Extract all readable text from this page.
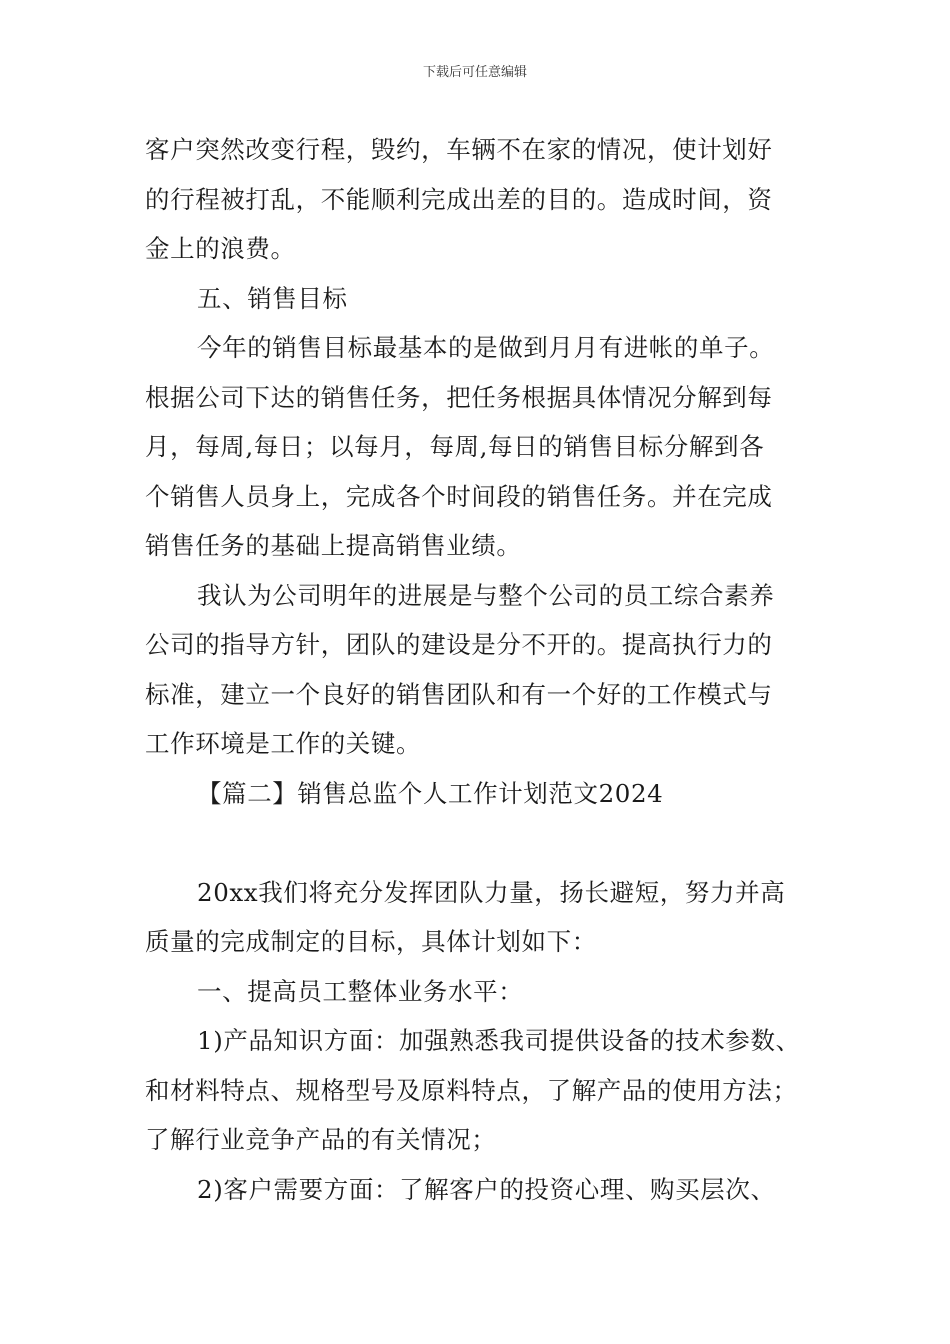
下载后可任意编辑

客户突然改变行程，毁约，车辆不在家的情况，使计划好

的行程被打乱，不能顺利完成出差的目的。造成时间，资

金上的浪费。

五、销售目标

今年的销售目标最基本的是做到月月有进帐的单子。

根据公司下达的销售任务，把任务根据具体情况分解到每

月，每周,每日；以每月，每周,每日的销售目标分解到各

个销售人员身上，完成各个时间段的销售任务。并在完成

销售任务的基础上提高销售业绩。

我认为公司明年的进展是与整个公司的员工综合素养

公司的指导方针，团队的建设是分不开的。提高执行力的

标准，建立一个良好的销售团队和有一个好的工作模式与

工作环境是工作的关键。

【篇二】销售总监个人工作计划范文2024

20xx我们将充分发挥团队力量，扬长避短，努力并高

质量的完成制定的目标，具体计划如下：

一、提高员工整体业务水平：

1)产品知识方面：加强熟悉我司提供设备的技术参数、

和材料特点、规格型号及原料特点，了解产品的使用方法；

了解行业竞争产品的有关情况；

2)客户需要方面：了解客户的投资心理、购买层次、
